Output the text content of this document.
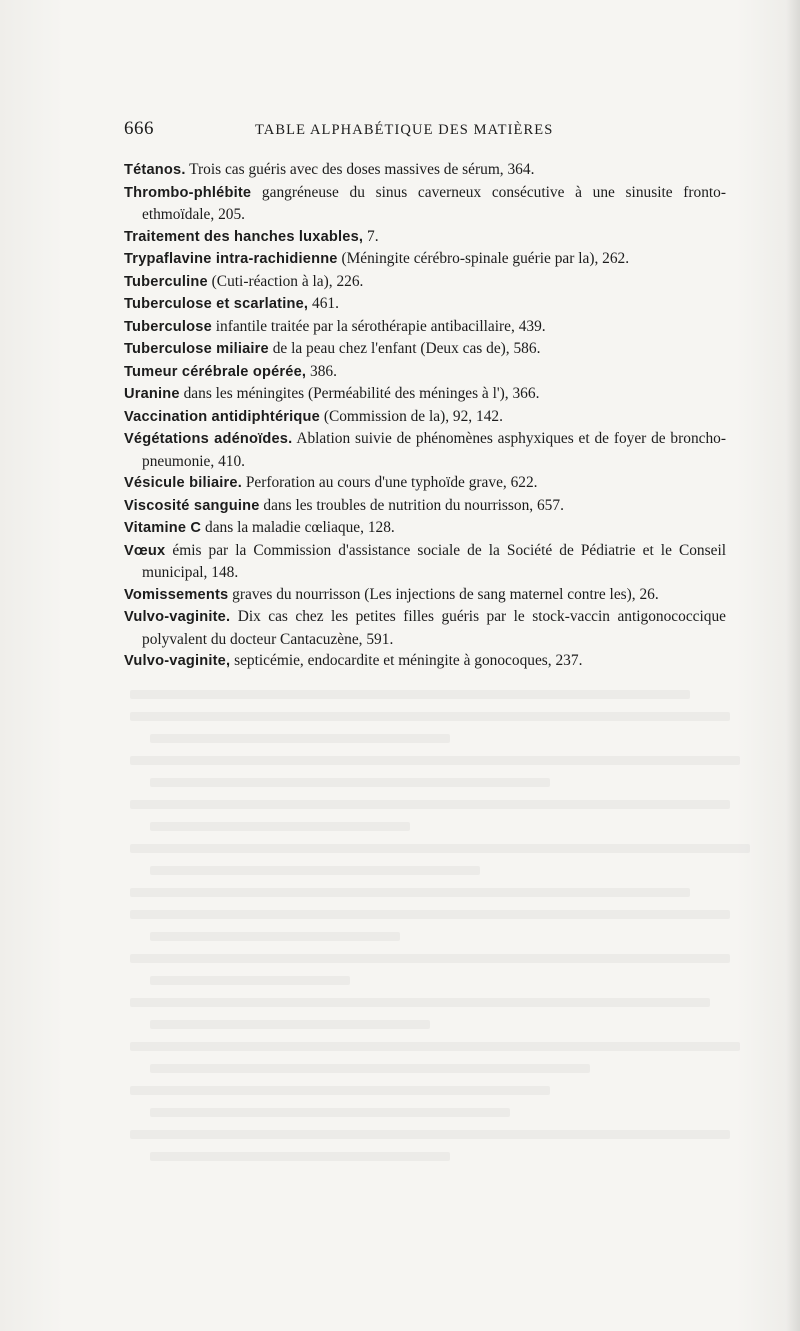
666	TABLE ALPHABÉTIQUE DES MATIÈRES
Tétanos. Trois cas guéris avec des doses massives de sérum, 364.
Thrombo-phlébite gangréneuse du sinus caverneux consécutive à une sinusite fronto-ethmoïdale, 205.
Traitement des hanches luxables, 7.
Trypaflavine intra-rachidienne (Méningite cérébro-spinale guérie par la), 262.
Tuberculine (Cuti-réaction à la), 226.
Tuberculose et scarlatine, 461.
Tuberculose infantile traitée par la sérothérapie antibacillaire, 439.
Tuberculose miliaire de la peau chez l'enfant (Deux cas de), 586.
Tumeur cérébrale opérée, 386.
Uranine dans les méningites (Perméabilité des méninges à l'), 366.
Vaccination antidiphtérique (Commission de la), 92, 142.
Végétations adénoïdes. Ablation suivie de phénomènes asphyxiques et de foyer de broncho-pneumonie, 410.
Vésicule biliaire. Perforation au cours d'une typhoïde grave, 622.
Viscosité sanguine dans les troubles de nutrition du nourrisson, 657.
Vitamine C dans la maladie cœliaque, 128.
Vœux émis par la Commission d'assistance sociale de la Société de Pédiatrie et le Conseil municipal, 148.
Vomissements graves du nourrisson (Les injections de sang maternel contre les), 26.
Vulvo-vaginite. Dix cas chez les petites filles guéris par le stock-vaccin antigonococcique polyvalent du docteur Cantacuzène, 591.
Vulvo-vaginite, septicémie, endocardite et méningite à gonocoques, 237.
